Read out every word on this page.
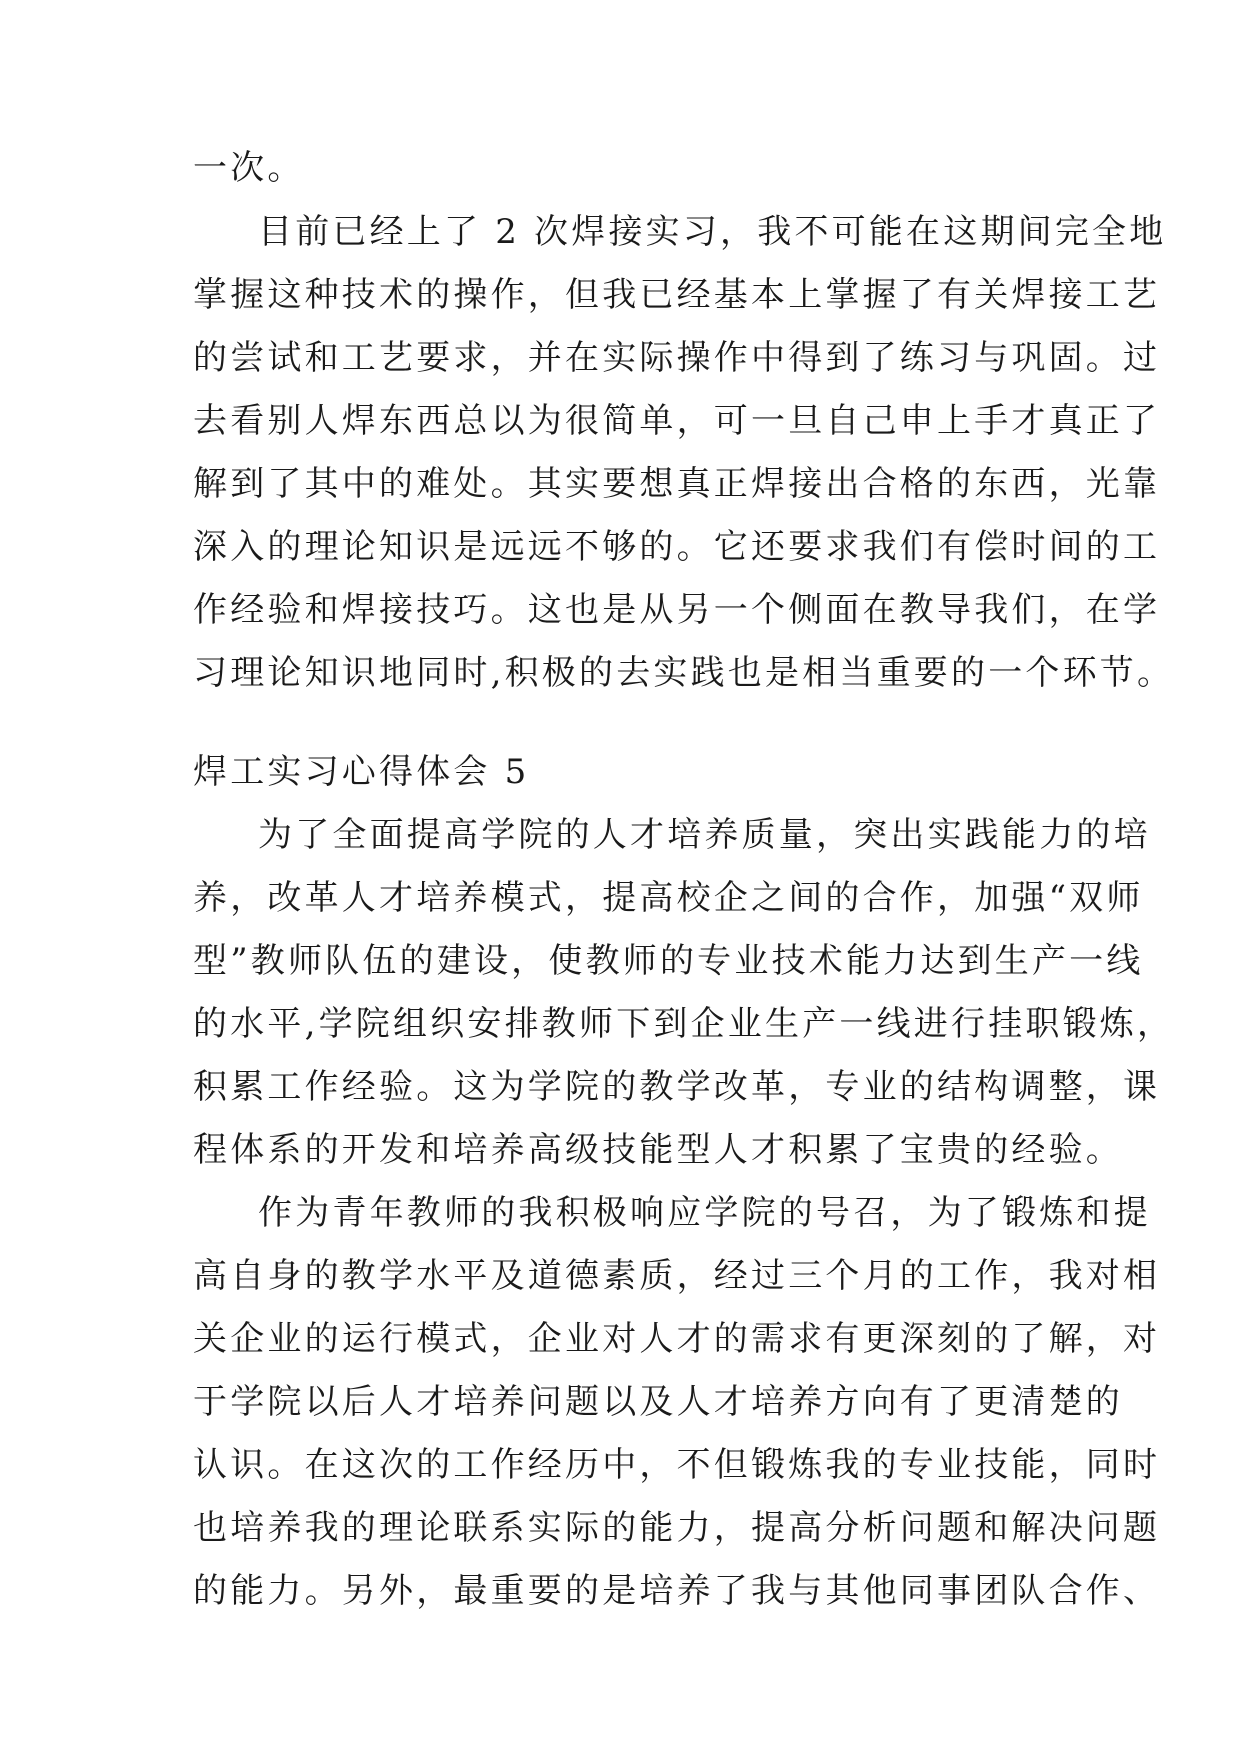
一次。
目前已经上了 2 次焊接实习，我不可能在这期间完全地
掌握这种技术的操作，但我已经基本上掌握了有关焊接工艺
的尝试和工艺要求，并在实际操作中得到了练习与巩固。过
去看别人焊东西总以为很简单，可一旦自己申上手才真正了
解到了其中的难处。其实要想真正焊接出合格的东西，光靠
深入的理论知识是远远不够的。它还要求我们有偿时间的工
作经验和焊接技巧。这也是从另一个侧面在教导我们，在学
习理论知识地同时,积极的去实践也是相当重要的一个环节。
焊工实习心得体会 5
为了全面提高学院的人才培养质量，突出实践能力的培
养，改革人才培养模式，提高校企之间的合作，加强“双师
型”教师队伍的建设，使教师的专业技术能力达到生产一线
的水平,学院组织安排教师下到企业生产一线进行挂职锻炼，
积累工作经验。这为学院的教学改革，专业的结构调整，课
程体系的开发和培养高级技能型人才积累了宝贵的经验。
作为青年教师的我积极响应学院的号召，为了锻炼和提
高自身的教学水平及道德素质，经过三个月的工作，我对相
关企业的运行模式，企业对人才的需求有更深刻的了解，对
于学院以后人才培养问题以及人才培养方向有了更清楚的
认识。在这次的工作经历中，不但锻炼我的专业技能，同时
也培养我的理论联系实际的能力，提高分析问题和解决问题
的能力。另外，最重要的是培养了我与其他同事团队合作、
